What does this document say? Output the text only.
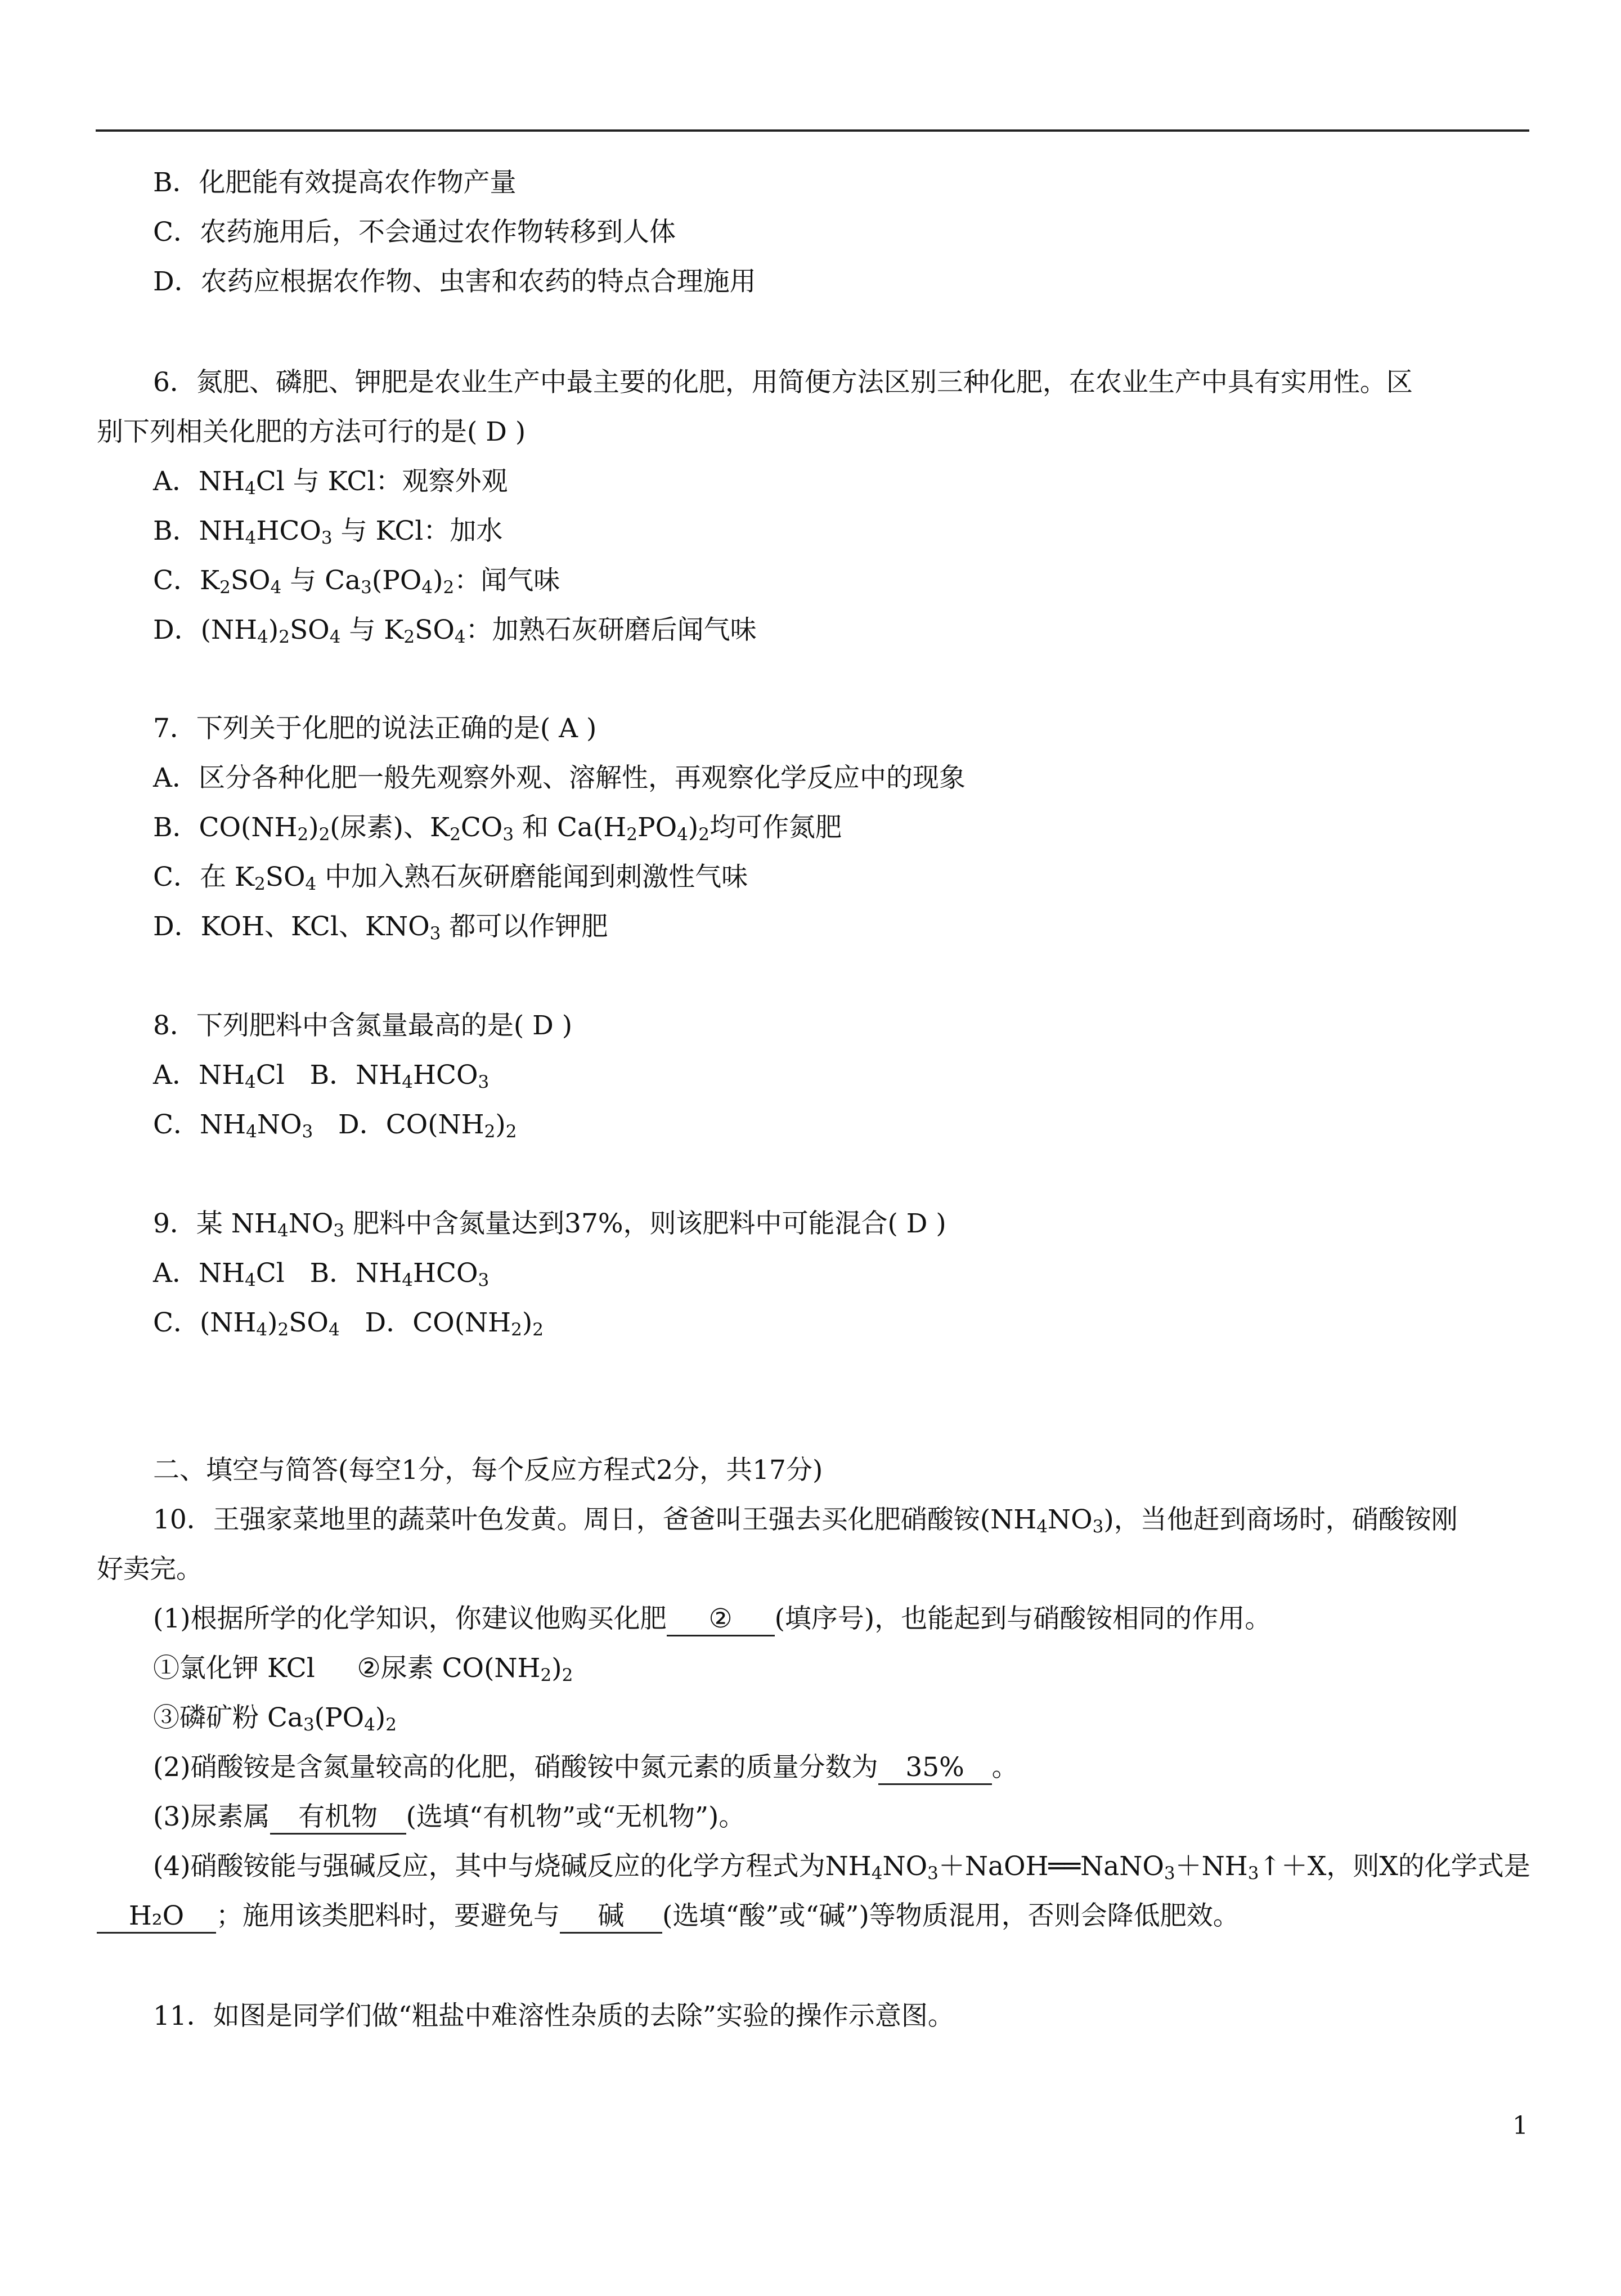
B．化肥能有效提高农作物产量
C．农药施用后，不会通过农作物转移到人体
D．农药应根据农作物、虫害和农药的特点合理施用
6．氮肥、磷肥、钾肥是农业生产中最主要的化肥，用简便方法区别三种化肥，在农业生产中具有实用性。区
别下列相关化肥的方法可行的是( D )
A．$NH_4Cl$ 与 KCl：观察外观
B．$NH_4HCO_3$ 与 KCl：加水
C．$K_2SO_4$ 与 $Ca_3(PO_4)_2$：闻气味
D．$(NH_4)_2SO_4$ 与 $K_2SO_4$：加熟石灰研磨后闻气味
7．下列关于化肥的说法正确的是( A )
A．区分各种化肥一般先观察外观、溶解性，再观察化学反应中的现象
B．$CO(NH_2)_2$(尿素)、$K_2CO_3$ 和 $Ca(H_2PO_4)_2$均可作氮肥
C．在 $K_2SO_4$ 中加入熟石灰研磨能闻到刺激性气味
D．KOH、KCl、$KNO_3$ 都可以作钾肥
8．下列肥料中含氮量最高的是( D )
A．$NH_4Cl$   B．$NH_4HCO_3$
C．$NH_4NO_3$   D．$CO(NH_2)_2$
9．某 $NH_4NO_3$ 肥料中含氮量达到37%，则该肥料中可能混合( D )
A．$NH_4Cl$   B．$NH_4HCO_3$
C．$(NH_4)_2SO_4$   D．$CO(NH_2)_2$
二、填空与简答(每空1分，每个反应方程式2分，共17分)
10．王强家菜地里的蔬菜叶色发黄。周日，爸爸叫王强去买化肥硝酸铵$(NH_4NO_3)$，当他赶到商场时，硝酸铵刚
好卖完。
(1)根据所学的化学知识，你建议他购买化肥 ② (填序号)，也能起到与硝酸铵相同的作用。
①氯化钾 KCl ②尿素 $CO(NH_2)_2$
③磷矿粉 $Ca_3(PO_4)_2$
(2)硝酸铵是含氮量较高的化肥，硝酸铵中氮元素的质量分数为 35% 。
(3)尿素属 有机物 (选填“有机物”或“无机物”)。
(4)硝酸铵能与强碱反应，其中与烧碱反应的化学方程式为$NH_4NO_3+NaOH══NaNO_3+NH_3↑+X$，则X的化学式是
H₂O ；施用该类肥料时，要避免与 碱 (选填“酸”或“碱”)等物质混用，否则会降低肥效。
11．如图是同学们做“粗盐中难溶性杂质的去除”实验的操作示意图。
1
